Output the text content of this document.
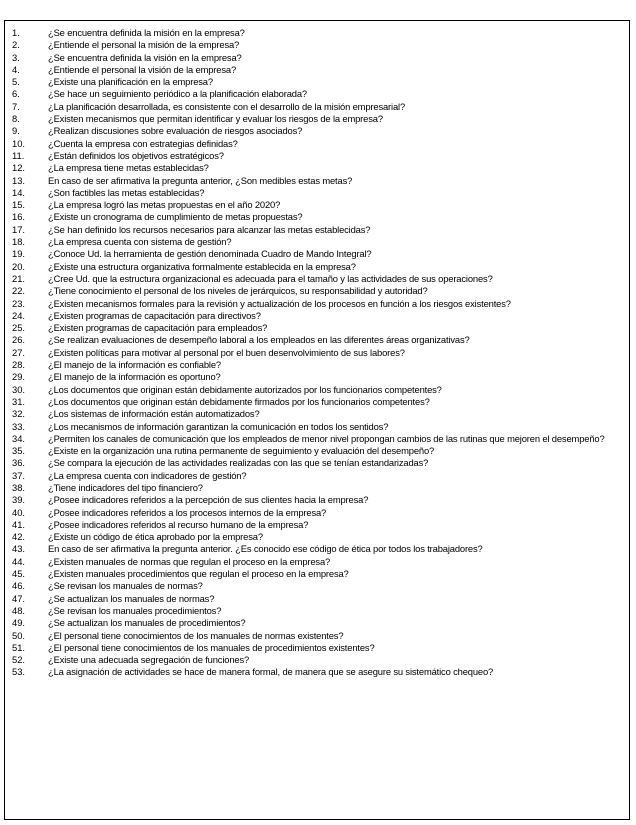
1.	¿Se encuentra definida la misión en la empresa?
2.	¿Entiende el personal la misión de la empresa?
3.	¿Se encuentra definida la visión en la empresa?
4.	¿Entiende el personal la visión de la empresa?
5.	¿Existe una planificación en la empresa?
6.	¿Se hace un seguimiento periódico a la planificación elaborada?
7.	¿La planificación desarrollada, es consistente con el desarrollo de la misión empresarial?
8.	¿Existen mecanismos que permitan identificar y evaluar los riesgos de la empresa?
9.	¿Realizan discusiones sobre evaluación de riesgos asociados?
10.	¿Cuenta la empresa con estrategias definidas?
11.	¿Están definidos los objetivos estratégicos?
12.	¿La empresa tiene metas establecidas?
13.	En caso de ser afirmativa la pregunta anterior, ¿Son medibles estas metas?
14.	¿Son factibles las metas establecidas?
15.	¿La empresa logró las metas propuestas en el año 2020?
16.	¿Existe un cronograma de cumplimiento de metas propuestas?
17.	¿Se han definido los recursos necesarios para alcanzar las metas establecidas?
18.	¿La empresa cuenta con sistema de gestión?
19.	¿Conoce Ud. la herramienta de gestión denominada Cuadro de Mando Integral?
20.	¿Existe una estructura organizativa formalmente establecida en la empresa?
21.	¿Cree Ud. que la estructura organizacional es adecuada para el tamaño y las actividades de sus operaciones?
22.	¿Tiene conocimiento el personal de los niveles de jerárquicos, su responsabilidad y autoridad?
23.	¿Existen mecanismos formales para la revisión y actualización de los procesos en función a los riesgos existentes?
24.	¿Existen programas de capacitación para directivos?
25.	¿Existen programas de capacitación para empleados?
26.	¿Se realizan evaluaciones de desempeño laboral a los empleados en las diferentes áreas organizativas?
27.	¿Existen políticas para motivar al personal por el buen desenvolvimiento de sus labores?
28.	¿El manejo de la información es confiable?
29.	¿El manejo de la información es oportuno?
30.	¿Los documentos que originan están debidamente autorizados por los funcionarios competentes?
31.	¿Los documentos que originan están debidamente firmados por los funcionarios competentes?
32.	¿Los sistemas de información están automatizados?
33.	¿Los mecanismos de información garantizan la comunicación en todos los sentidos?
34.	¿Permiten los canales de comunicación que los empleados de menor nivel propongan cambios de las rutinas que mejoren el desempeño?
35.	¿Existe en la organización una rutina permanente de seguimiento y evaluación del desempeño?
36.	¿Se compara la ejecución de las actividades realizadas con las que se tenían estandarizadas?
37.	¿La empresa cuenta con indicadores de gestión?
38.	¿Tiene indicadores del tipo financiero?
39.	¿Posee indicadores referidos a la percepción de sus clientes hacia la empresa?
40.	¿Posee indicadores referidos a los procesos internos de la empresa?
41.	¿Posee indicadores referidos al recurso humano de la empresa?
42.	¿Existe un código de ética aprobado por la empresa?
43.	En caso de ser afirmativa la pregunta anterior. ¿Es conocido ese código de ética por todos los trabajadores?
44.	¿Existen manuales de normas que regulan el proceso en la empresa?
45.	¿Existen manuales procedimientos que regulan el proceso en la empresa?
46.	¿Se revisan los manuales de normas?
47.	¿Se actualizan los manuales de normas?
48.	¿Se revisan los manuales procedimientos?
49.	¿Se actualizan los manuales de procedimientos?
50.	¿El personal tiene conocimientos de los manuales de normas existentes?
51.	¿El personal tiene conocimientos de los manuales de procedimientos existentes?
52.	¿Existe una adecuada segregación de funciones?
53.	¿La asignación de actividades se hace de manera formal, de manera que se asegure su sistemático chequeo?
